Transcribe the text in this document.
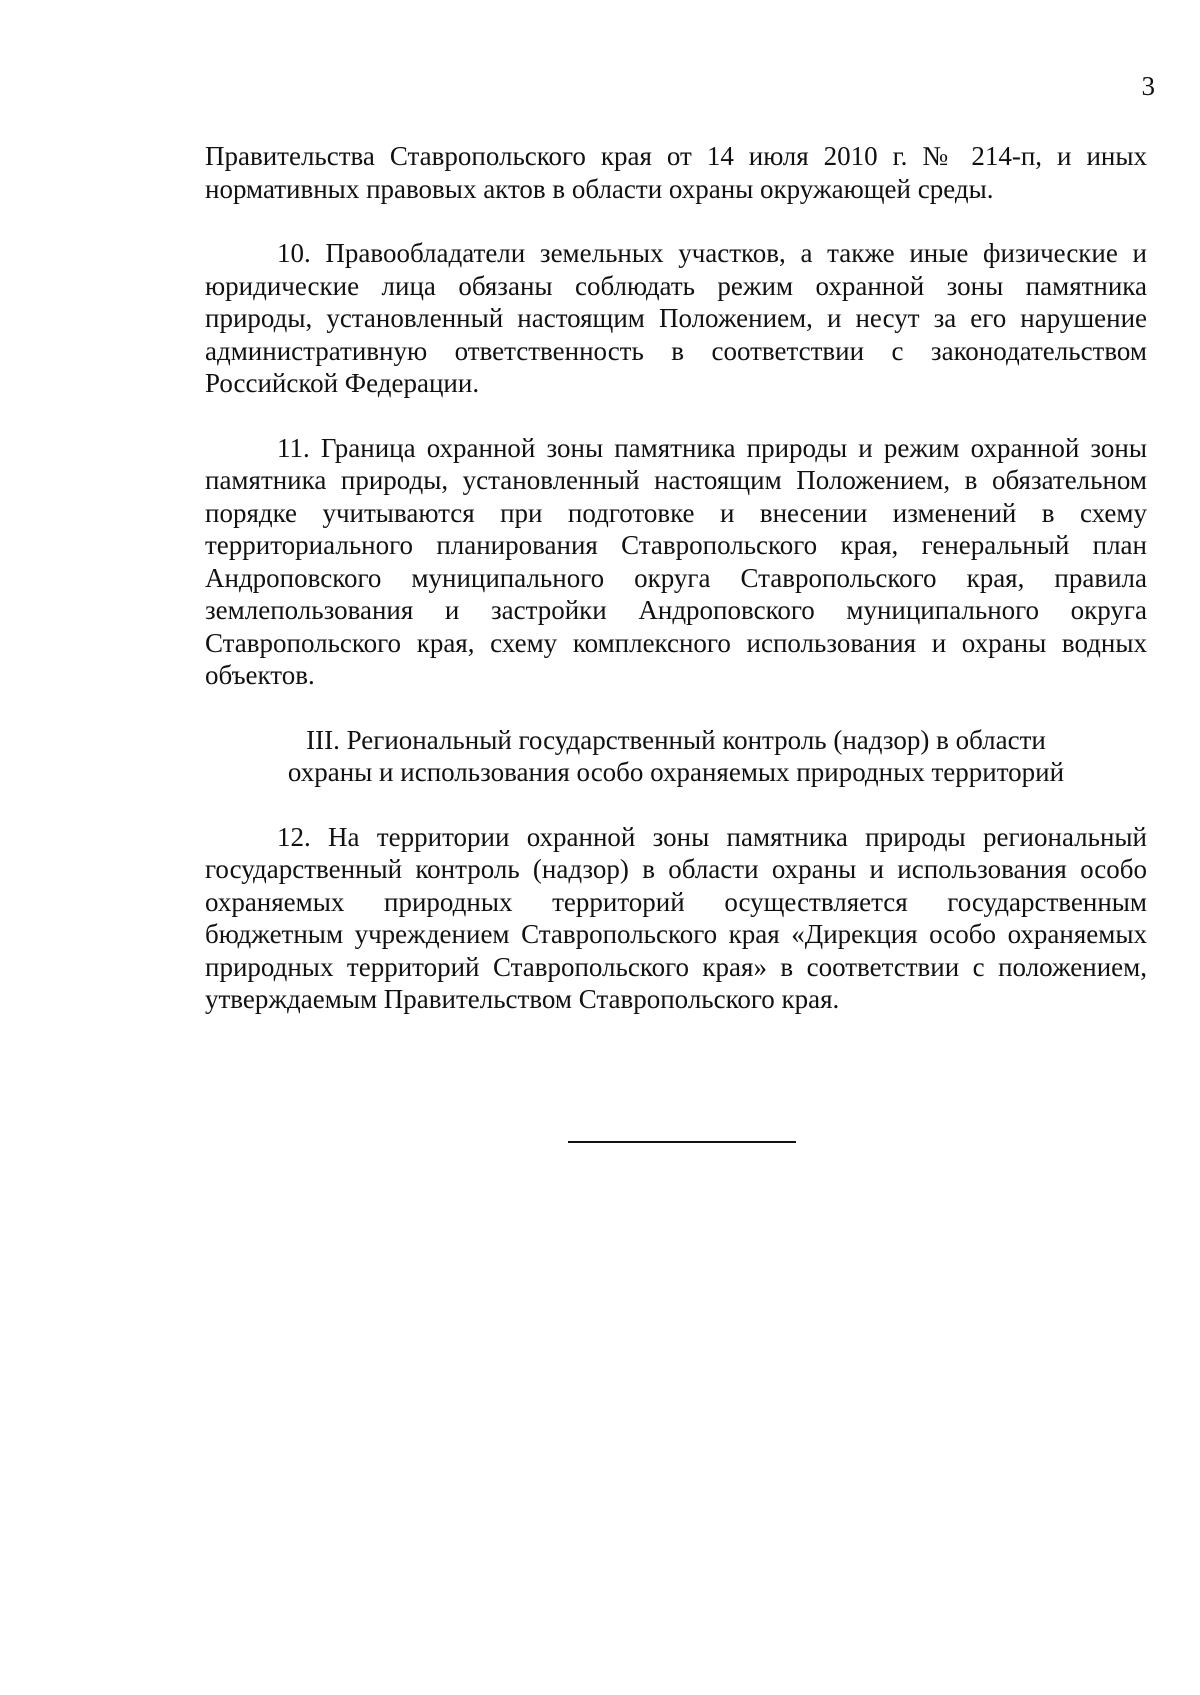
3

Правительства Ставропольского края от 14 июля 2010 г. № 214-п, и иных нормативных правовых актов в области охраны окружающей среды.

10. Правообладатели земельных участков, а также иные физические и юридические лица обязаны соблюдать режим охранной зоны памятника природы, установленный настоящим Положением, и несут за его нарушение административную ответственность в соответствии с законодательством Российской Федерации.

11. Граница охранной зоны памятника природы и режим охранной зоны памятника природы, установленный настоящим Положением, в обязательном порядке учитываются при подготовке и внесении изменений в схему территориального планирования Ставропольского края, генеральный план Андроповского муниципального округа Ставропольского края, правила землепользования и застройки Андроповского муниципального округа Ставропольского края, схему комплексного использования и охраны водных объектов.

III. Региональный государственный контроль (надзор) в области
охраны и использования особо охраняемых природных территорий

12. На территории охранной зоны памятника природы региональный государственный контроль (надзор) в области охраны и использования особо охраняемых природных территорий осуществляется государственным бюджетным учреждением Ставропольского края «Дирекция особо охраняемых природных территорий Ставропольского края» в соответствии с положением, утверждаемым Правительством Ставропольского края.
